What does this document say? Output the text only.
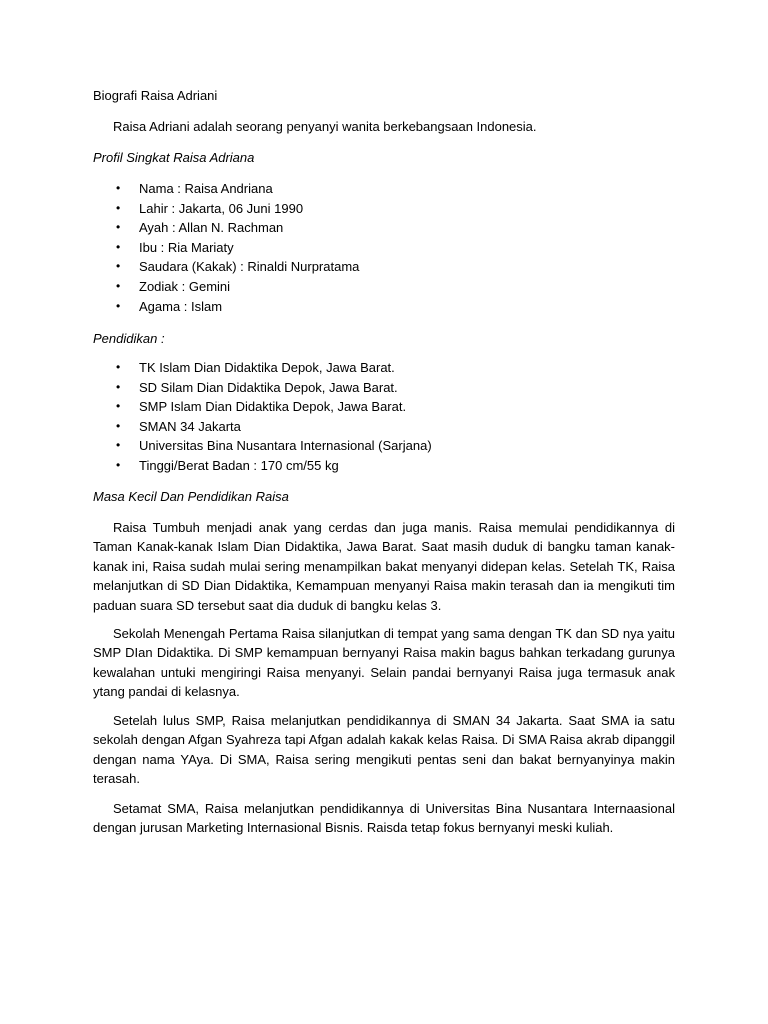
Biografi Raisa Adriani
Raisa Adriani adalah seorang penyanyi wanita berkebangsaan Indonesia.
Profil Singkat Raisa Adriana
• Nama : Raisa Andriana
• Lahir : Jakarta, 06 Juni 1990
• Ayah : Allan N. Rachman
• Ibu : Ria Mariaty
• Saudara (Kakak) : Rinaldi Nurpratama
• Zodiak : Gemini
• Agama : Islam
Pendidikan :
• TK Islam Dian Didaktika Depok, Jawa Barat.
• SD Silam Dian Didaktika Depok, Jawa Barat.
• SMP Islam Dian Didaktika Depok, Jawa Barat.
• SMAN 34 Jakarta
• Universitas Bina Nusantara Internasional (Sarjana)
• Tinggi/Berat Badan : 170 cm/55 kg
Masa Kecil Dan Pendidikan Raisa

Raisa Tumbuh menjadi anak yang cerdas dan juga manis. Raisa memulai pendidikannya di Taman Kanak-kanak Islam Dian Didaktika, Jawa Barat. Saat masih duduk di bangku taman kanak-kanak ini, Raisa sudah mulai sering menampilkan bakat menyanyi didepan kelas. Setelah TK, Raisa melanjutkan di SD Dian Didaktika, Kemampuan menyanyi Raisa makin terasah dan ia mengikuti tim paduan suara SD tersebut saat dia duduk di bangku kelas 3.

Sekolah Menengah Pertama Raisa silanjutkan di tempat yang sama dengan TK dan SD nya yaitu SMP DIan Didaktika. Di SMP kemampuan bernyanyi Raisa makin bagus bahkan terkadang gurunya kewalahan untuki mengiringi Raisa menyanyi. Selain pandai bernyanyi Raisa juga termasuk anak ytang pandai di kelasnya.

Setelah lulus SMP, Raisa melanjutkan pendidikannya di SMAN 34 Jakarta. Saat SMA ia satu sekolah dengan Afgan Syahreza tapi Afgan adalah kakak kelas Raisa. Di SMA Raisa akrab dipanggil dengan nama YAya. Di SMA, Raisa sering mengikuti pentas seni dan bakat bernyanyinya makin terasah.

Setamat SMA, Raisa melanjutkan pendidikannya di Universitas Bina Nusantara Internaasional dengan jurusan Marketing Internasional Bisnis. Raisda tetap fokus bernyanyi meski kuliah.
